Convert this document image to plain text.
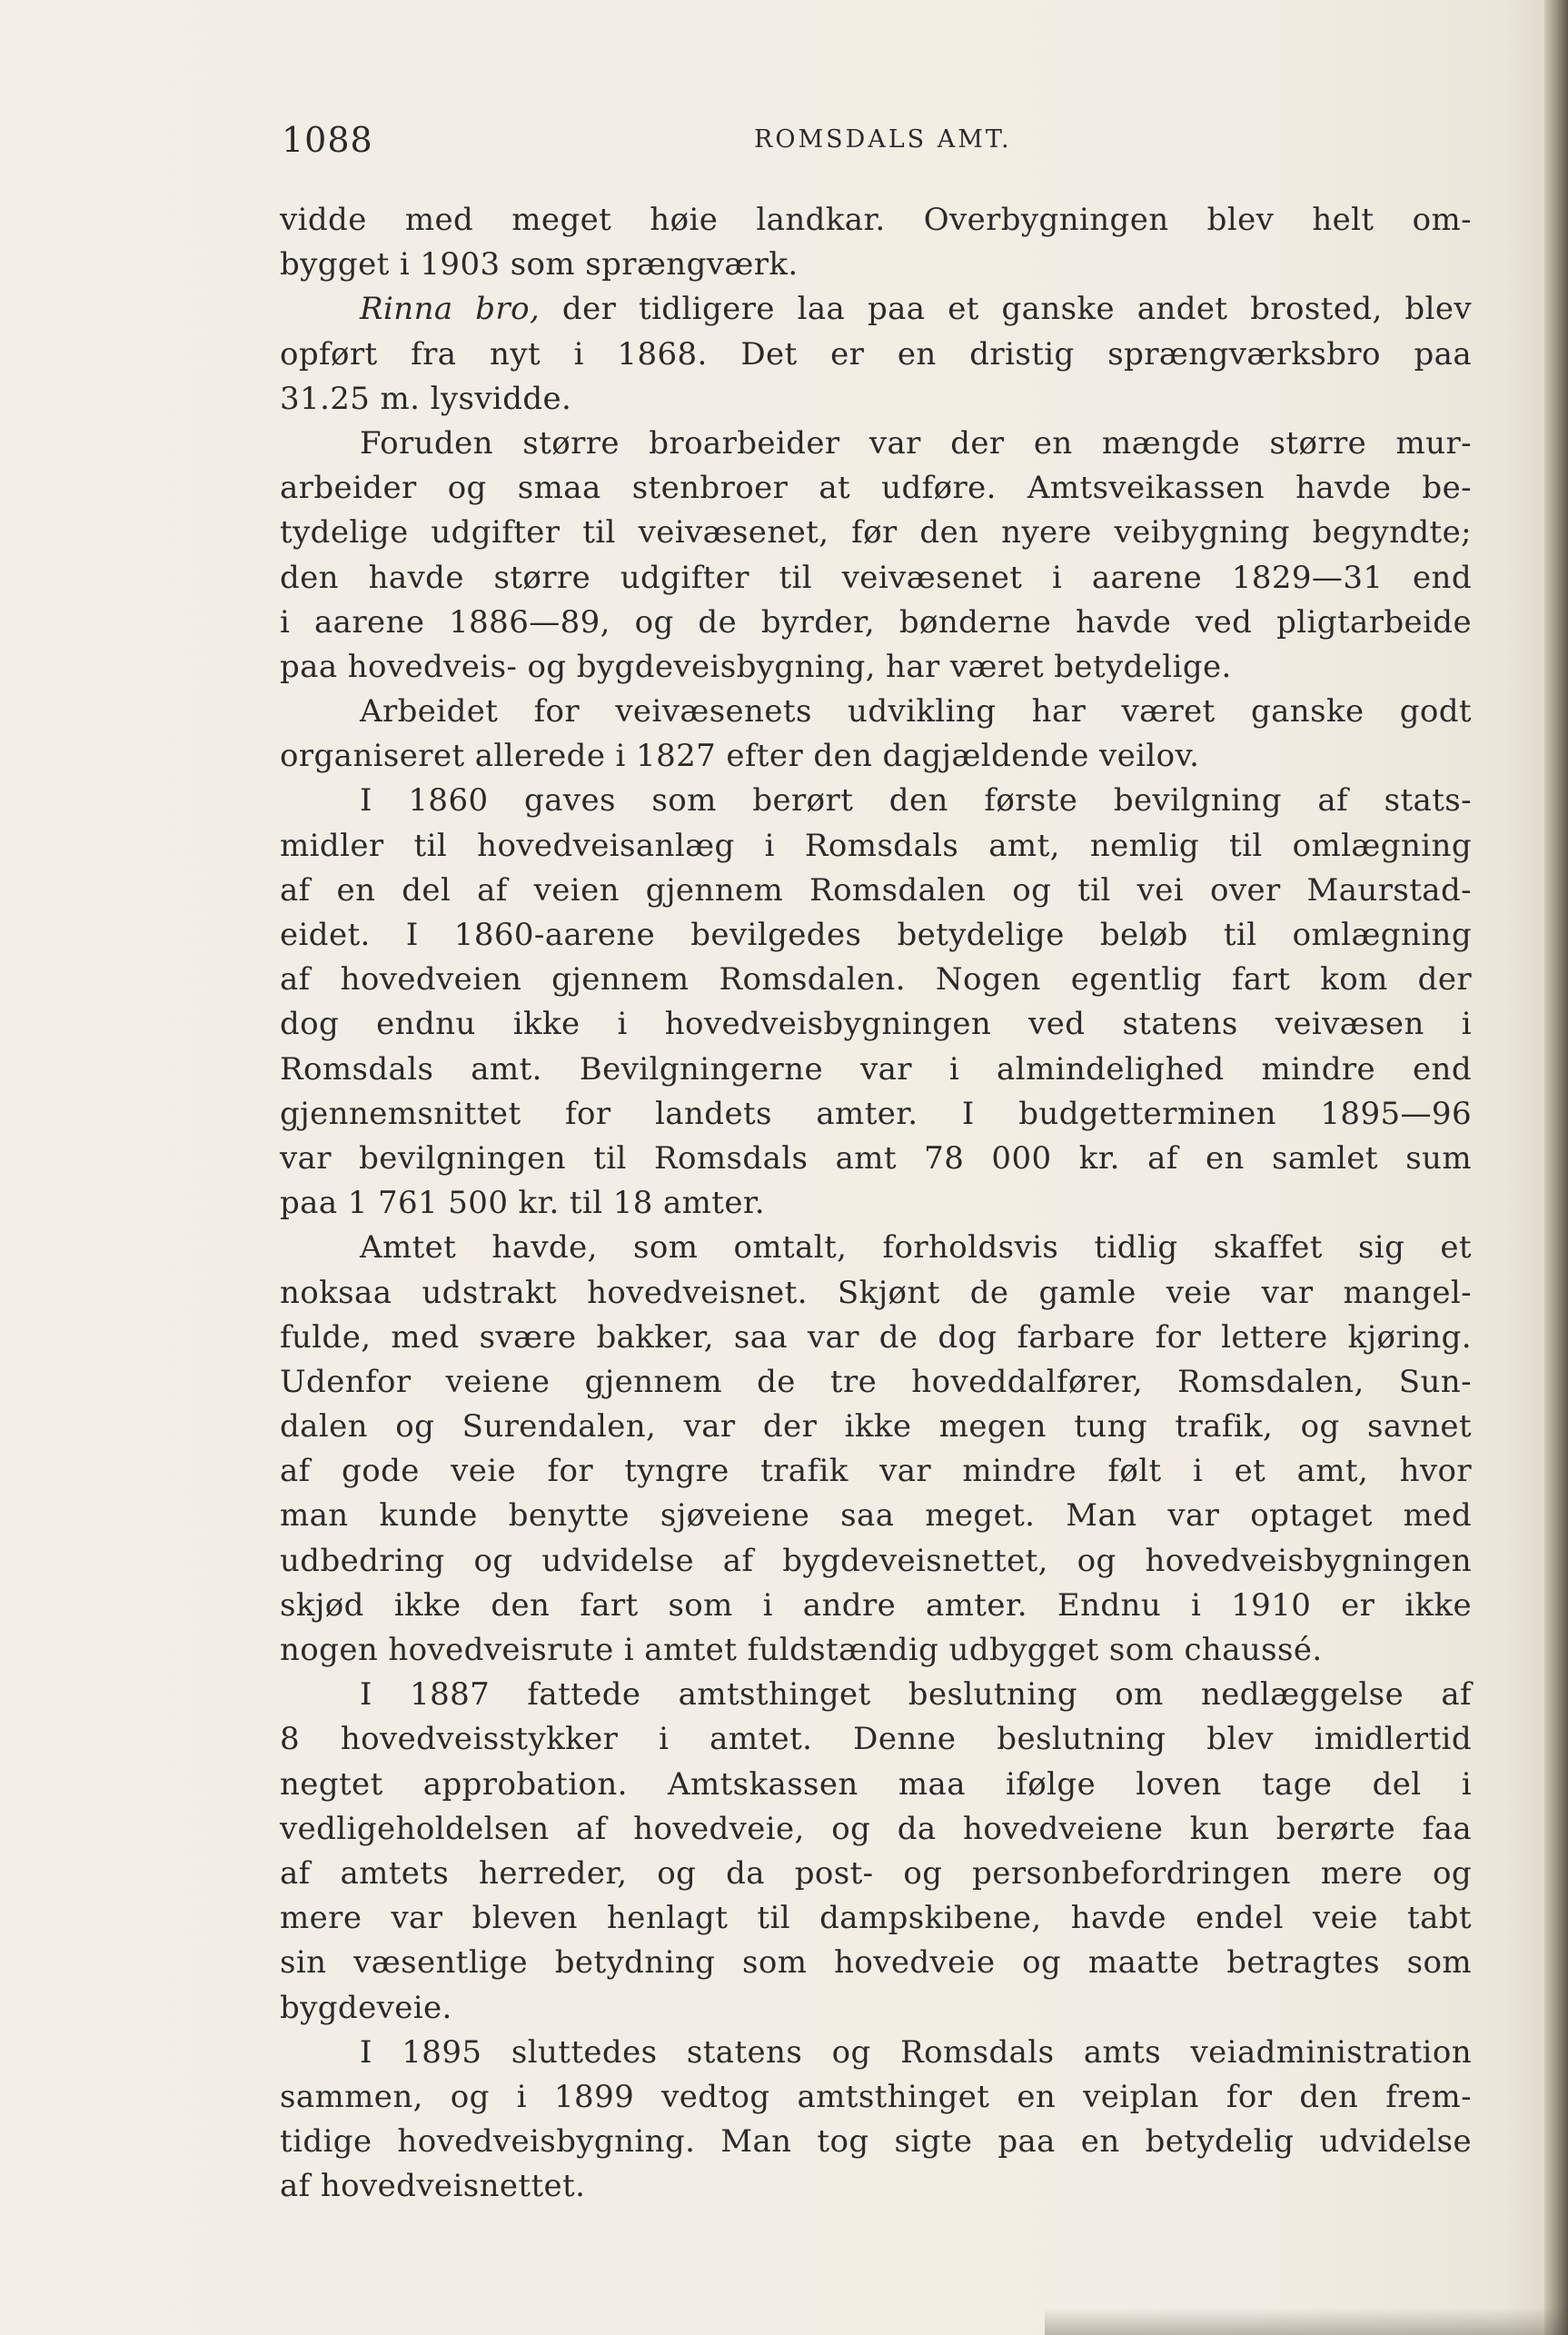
1088	ROMSDALS AMT.
vidde med meget høie landkar. Overbygningen blev helt om-
bygget i 1903 som sprængværk.
Rinna bro, der tidligere laa paa et ganske andet brosted, blev
opført fra nyt i 1868. Det er en dristig sprængværksbro paa
31.25 m. lysvidde.
Foruden større broarbeider var der en mængde større mur-
arbeider og smaa stenbroer at udføre. Amtsveikassen havde be-
tydelige udgifter til veivæsenet, før den nyere veibygning begyndte;
den havde større udgifter til veivæsenet i aarene 1829—31 end
i aarene 1886—89, og de byrder, bønderne havde ved pligtarbeide
paa hovedveis- og bygdeveisbygning, har været betydelige.
Arbeidet for veivæsenets udvikling har været ganske godt
organiseret allerede i 1827 efter den dagjældende veilov.
I 1860 gaves som berørt den første bevilgning af stats-
midler til hovedveisanlæg i Romsdals amt, nemlig til omlægning
af en del af veien gjennem Romsdalen og til vei over Maurstad-
eidet. I 1860-aarene bevilgedes betydelige beløb til omlægning
af hovedveien gjennem Romsdalen. Nogen egentlig fart kom der
dog endnu ikke i hovedveisbygningen ved statens veivæsen i
Romsdals amt. Bevilgningerne var i almindelighed mindre end
gjennemsnittet for landets amter. I budgetterminen 1895—96
var bevilgningen til Romsdals amt 78 000 kr. af en samlet sum
paa 1 761 500 kr. til 18 amter.
Amtet havde, som omtalt, forholdsvis tidlig skaffet sig et
noksaa udstrakt hovedveisnet. Skjønt de gamle veie var mangel-
fulde, med svære bakker, saa var de dog farbare for lettere kjøring.
Udenfor veiene gjennem de tre hoveddalfører, Romsdalen, Sun-
dalen og Surendalen, var der ikke megen tung trafik, og savnet
af gode veie for tyngre trafik var mindre følt i et amt, hvor
man kunde benytte sjøveiene saa meget. Man var optaget med
udbedring og udvidelse af bygdeveisnettet, og hovedveisbygningen
skjød ikke den fart som i andre amter. Endnu i 1910 er ikke
nogen hovedveisrute i amtet fuldstændig udbygget som chaussé.
I 1887 fattede amtsthinget beslutning om nedlæggelse af
8 hovedveisstykker i amtet. Denne beslutning blev imidlertid
negtet approbation. Amtskassen maa ifølge loven tage del i
vedligeholdelsen af hovedveie, og da hovedveiene kun berørte faa
af amtets herreder, og da post- og personbefordringen mere og
mere var bleven henlagt til dampskibene, havde endel veie tabt
sin væsentlige betydning som hovedveie og maatte betragtes som
bygdeveie.
I 1895 sluttedes statens og Romsdals amts veiadministration
sammen, og i 1899 vedtog amtsthinget en veiplan for den frem-
tidige hovedveisbygning. Man tog sigte paa en betydelig udvidelse
af hovedveisnettet.
